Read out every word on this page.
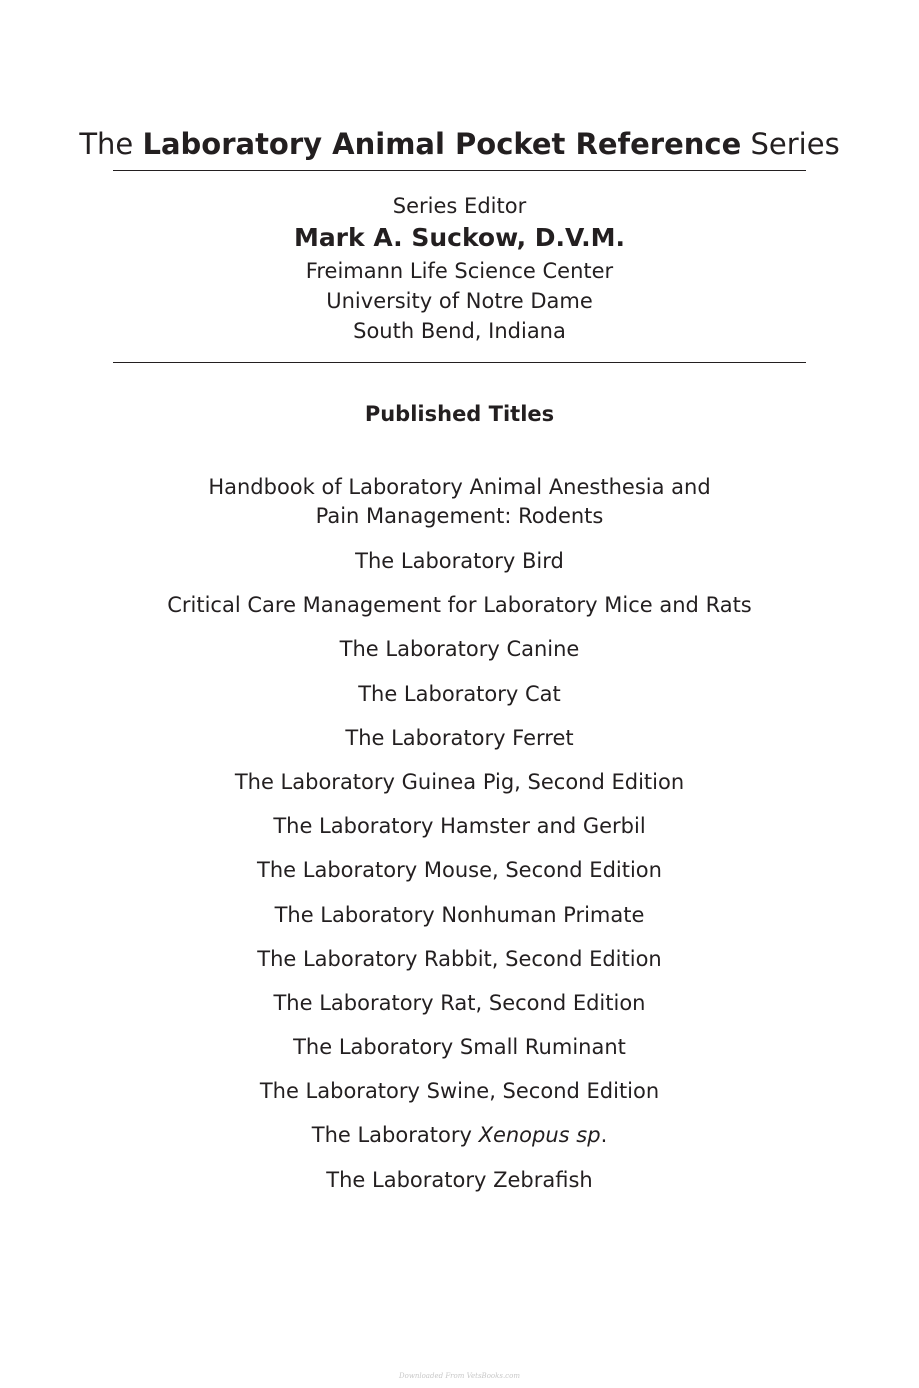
The Laboratory Animal Pocket Reference Series
Series Editor
Mark A. Suckow, D.V.M.
Freimann Life Science Center
University of Notre Dame
South Bend, Indiana
Published Titles
Handbook of Laboratory Animal Anesthesia and
Pain Management: Rodents
The Laboratory Bird
Critical Care Management for Laboratory Mice and Rats
The Laboratory Canine
The Laboratory Cat
The Laboratory Ferret
The Laboratory Guinea Pig, Second Edition
The Laboratory Hamster and Gerbil
The Laboratory Mouse, Second Edition
The Laboratory Nonhuman Primate
The Laboratory Rabbit, Second Edition
The Laboratory Rat, Second Edition
The Laboratory Small Ruminant
The Laboratory Swine, Second Edition
The Laboratory Xenopus sp.
The Laboratory Zebrafish
Downloaded From VetsBooks.com
